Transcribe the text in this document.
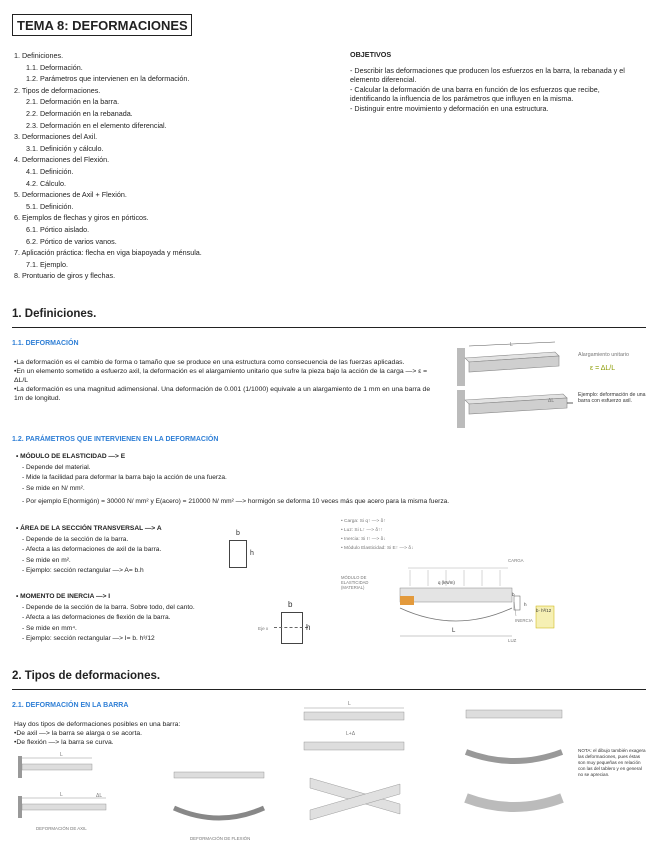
TEMA 8: DEFORMACIONES
1. Definiciones.
1.1. Deformación.
1.2. Parámetros que intervienen en la deformación.
2. Tipos de deformaciones.
2.1. Deformación en la barra.
2.2. Deformación en la rebanada.
2.3. Deformación en el elemento diferencial.
3. Deformaciones del Axil.
3.1. Definición y cálculo.
4. Deformaciones del Flexión.
4.1. Definición.
4.2. Cálculo.
5. Deformaciones de Axil + Flexión.
5.1. Definición.
6. Ejemplos de flechas y giros en pórticos.
6.1. Pórtico aislado.
6.2. Pórtico de varios vanos.
7. Aplicación práctica: flecha en viga biapoyada y ménsula.
7.1. Ejemplo.
8. Prontuario de giros y flechas.
OBJETIVOS

- Describir las deformaciones que producen los esfuerzos en la barra, la rebanada y el elemento diferencial.

- Calcular la deformación de una barra en función de los esfuerzos que recibe, identificando la influencia de los parámetros que influyen en la misma.

- Distinguir entre movimiento y deformación en una estructura.

1. Definiciones.
1.1. DEFORMACIÓN

•La deformación es el cambio de forma o tamaño que se produce en una estructura como consecuencia de las fuerzas aplicadas.

•En un elemento sometido a esfuerzo axil, la deformación es el alargamiento unitario que sufre la pieza bajo la acción de la carga —> ε = ΔL/L

•La deformación es una magnitud adimensional. Una deformación de 0.001 (1/1000) equivale a un alargamiento de 1 mm en una barra de 1m de longitud.

L
ΔL
Alargamiento unitario
ε = ΔL/L
Ejemplo: deformación de una barra con esfuerzo axil.
1.2. PARÁMETROS QUE INTERVIENEN EN LA DEFORMACIÓN

• MÓDULO DE ELASTICIDAD —> E

- Depende del material.

- Mide la facilidad para deformar la barra bajo la acción de una fuerza.

- Se mide en N/ mm².

- Por ejemplo E(hormigón) = 30000 N/ mm² y E(acero) = 210000 N/ mm² —> hormigón se deforma 10 veces más que acero para la misma fuerza.

• ÁREA DE LA SECCIÓN TRANSVERSAL —> A

- Depende de la sección de la barra.

- Afecta a las deformaciones de axil de la barra.

- Se mide en m².

- Ejemplo: sección rectangular —> A= b.h

b
h

• MOMENTO DE INERCIA —> I

- Depende de la sección de la barra. Sobre todo, del canto.

- Afecta a las deformaciones de flexión de la barra.

- Se mide en mm⁴.

- Ejemplo: sección rectangular —> I= b. h³/12

b
h
Eje x
• Carga: Si q↑ —> δ↑
• Luz: Si L↑ —> δ↑↑
• Inercia: Si I↑ —> δ↓
• Módulo Elasticidad: Si E↑ —> δ↓
MÓDULO DE ELASTICIDAD (MATERIAL)
q (kN/m)
CARGA
L
LUZ
INERCIA
b· h³/12
b
h
2. Tipos de deformaciones.
2.1. DEFORMACIÓN EN LA BARRA

Hay dos tipos de deformaciones posibles en una barra:

•De axil —> la barra se alarga o se acorta.

•De flexión —> la barra se curva.

L
L	ΔL
DEFORMACIÓN DE AXIL
DEFORMACIÓN DE FLEXIÓN
L
L+Δ
NOTA: el dibujo también exagera las deformaciones, pues éstas son muy pequeñas en relación con las del tablero y en general no se aprecian.
